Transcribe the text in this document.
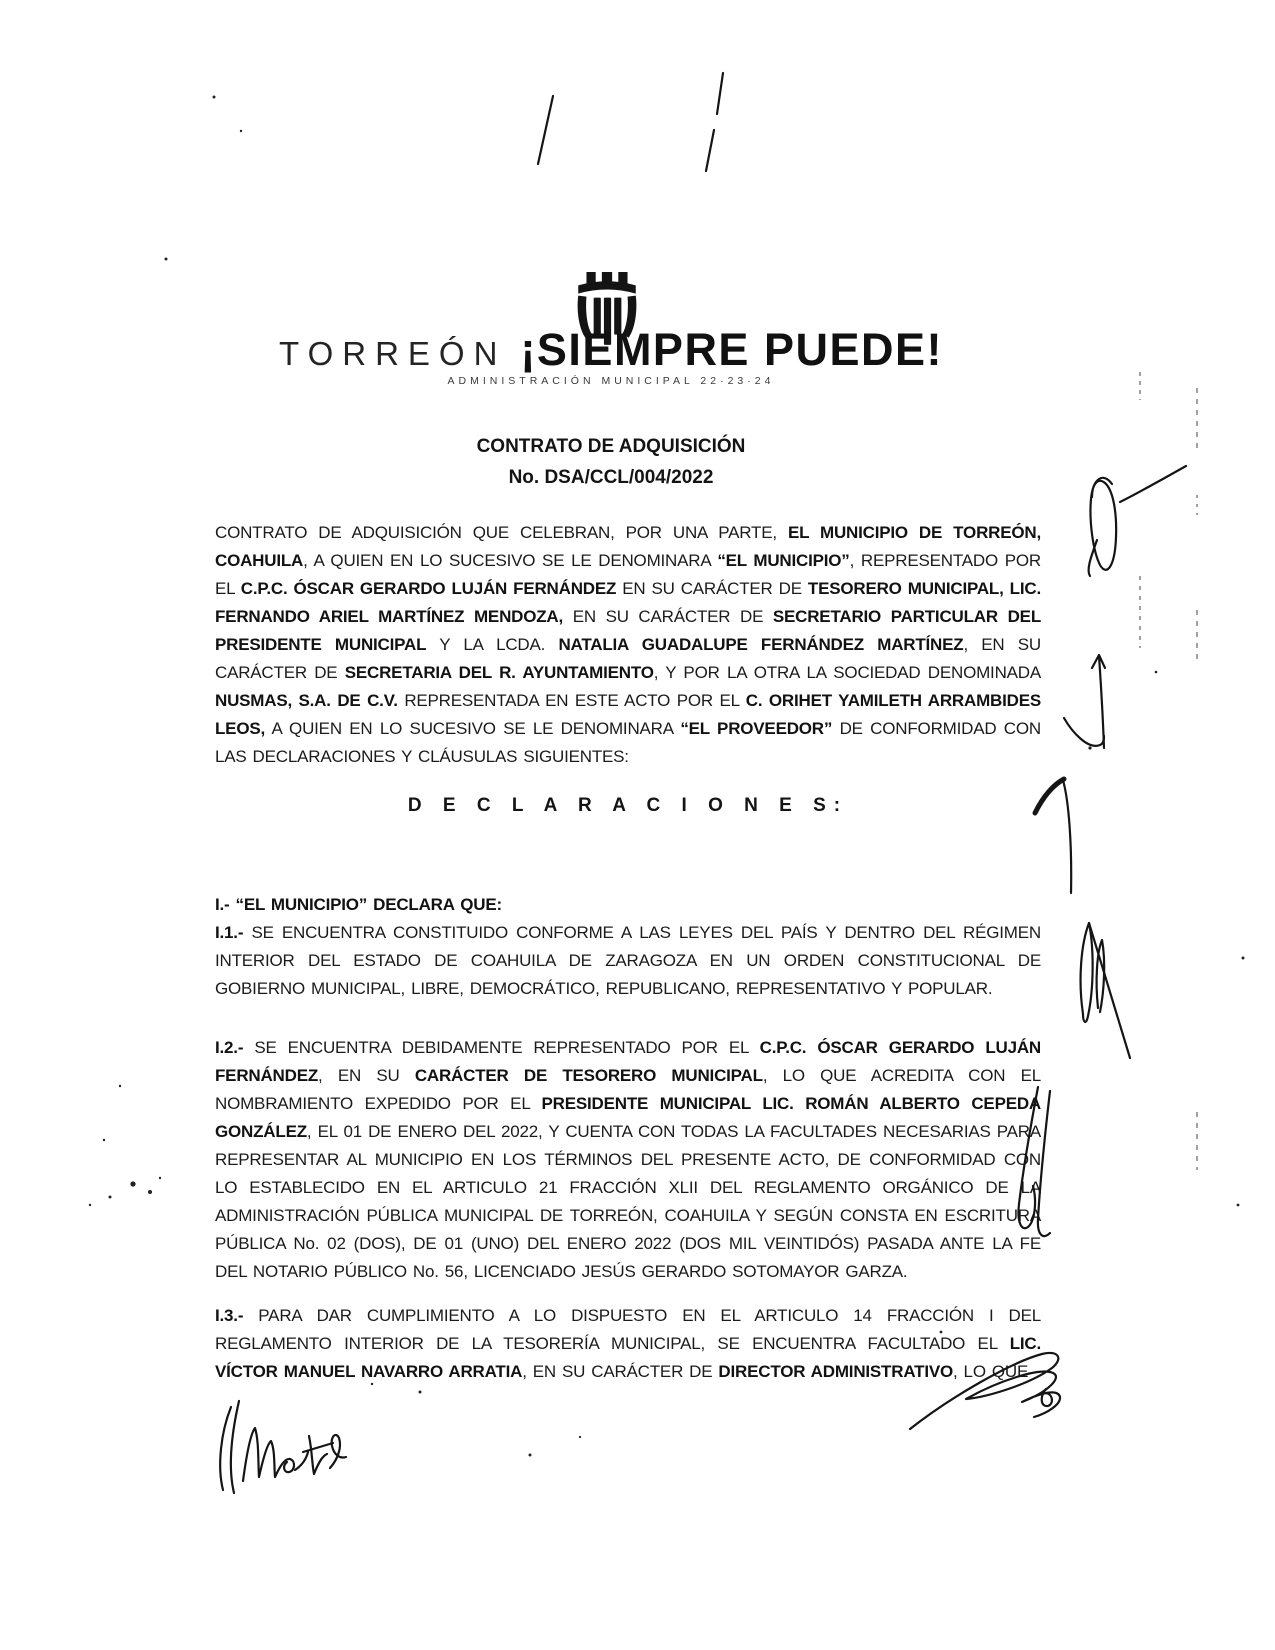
TORREÓN ¡SIEMPRE PUEDE!
ADMINISTRACIÓN MUNICIPAL 22·23·24
CONTRATO DE ADQUISICIÓN
No. DSA/CCL/004/2022

CONTRATO DE ADQUISICIÓN QUE CELEBRAN, POR UNA PARTE, EL MUNICIPIO DE TORREÓN, COAHUILA, A QUIEN EN LO SUCESIVO SE LE DENOMINARA “EL MUNICIPIO”, REPRESENTADO POR EL C.P.C. ÓSCAR GERARDO LUJÁN FERNÁNDEZ EN SU CARÁCTER DE TESORERO MUNICIPAL, LIC. FERNANDO ARIEL MARTÍNEZ MENDOZA, EN SU CARÁCTER DE SECRETARIO PARTICULAR DEL PRESIDENTE MUNICIPAL Y LA LCDA. NATALIA GUADALUPE FERNÁNDEZ MARTÍNEZ, EN SU CARÁCTER DE SECRETARIA DEL R. AYUNTAMIENTO, Y POR LA OTRA LA SOCIEDAD DENOMINADA NUSMAS, S.A. DE C.V. REPRESENTADA EN ESTE ACTO POR EL C. ORIHET YAMILETH ARRAMBIDES LEOS, A QUIEN EN LO SUCESIVO SE LE DENOMINARA “EL PROVEEDOR” DE CONFORMIDAD CON LAS DECLARACIONES Y CLÁUSULAS SIGUIENTES:

D E C L A R A C I O N E S:

I.- “EL MUNICIPIO” DECLARA QUE:

I.1.- SE ENCUENTRA CONSTITUIDO CONFORME A LAS LEYES DEL PAÍS Y DENTRO DEL RÉGIMEN INTERIOR DEL ESTADO DE COAHUILA DE ZARAGOZA EN UN ORDEN CONSTITUCIONAL DE GOBIERNO MUNICIPAL, LIBRE, DEMOCRÁTICO, REPUBLICANO, REPRESENTATIVO Y POPULAR.

I.2.- SE ENCUENTRA DEBIDAMENTE REPRESENTADO POR EL C.P.C. ÓSCAR GERARDO LUJÁN FERNÁNDEZ, EN SU CARÁCTER DE TESORERO MUNICIPAL, LO QUE ACREDITA CON EL NOMBRAMIENTO EXPEDIDO POR EL PRESIDENTE MUNICIPAL LIC. ROMÁN ALBERTO CEPEDA GONZÁLEZ, EL 01 DE ENERO DEL 2022, Y CUENTA CON TODAS LA FACULTADES NECESARIAS PARA REPRESENTAR AL MUNICIPIO EN LOS TÉRMINOS DEL PRESENTE ACTO, DE CONFORMIDAD CON LO ESTABLECIDO EN EL ARTICULO 21 FRACCIÓN XLII DEL REGLAMENTO ORGÁNICO DE LA ADMINISTRACIÓN PÚBLICA MUNICIPAL DE TORREÓN, COAHUILA Y SEGÚN CONSTA EN ESCRITURA PÚBLICA No. 02 (DOS), DE 01 (UNO) DEL ENERO 2022 (DOS MIL VEINTIDÓS) PASADA ANTE LA FE DEL NOTARIO PÚBLICO No. 56, LICENCIADO JESÚS GERARDO SOTOMAYOR GARZA.

I.3.- PARA DAR CUMPLIMIENTO A LO DISPUESTO EN EL ARTICULO 14 FRACCIÓN I DEL REGLAMENTO INTERIOR DE LA TESORERÍA MUNICIPAL, SE ENCUENTRA FACULTADO EL LIC. VÍCTOR MANUEL NAVARRO ARRATIA, EN SU CARÁCTER DE DIRECTOR ADMINISTRATIVO, LO QUE
